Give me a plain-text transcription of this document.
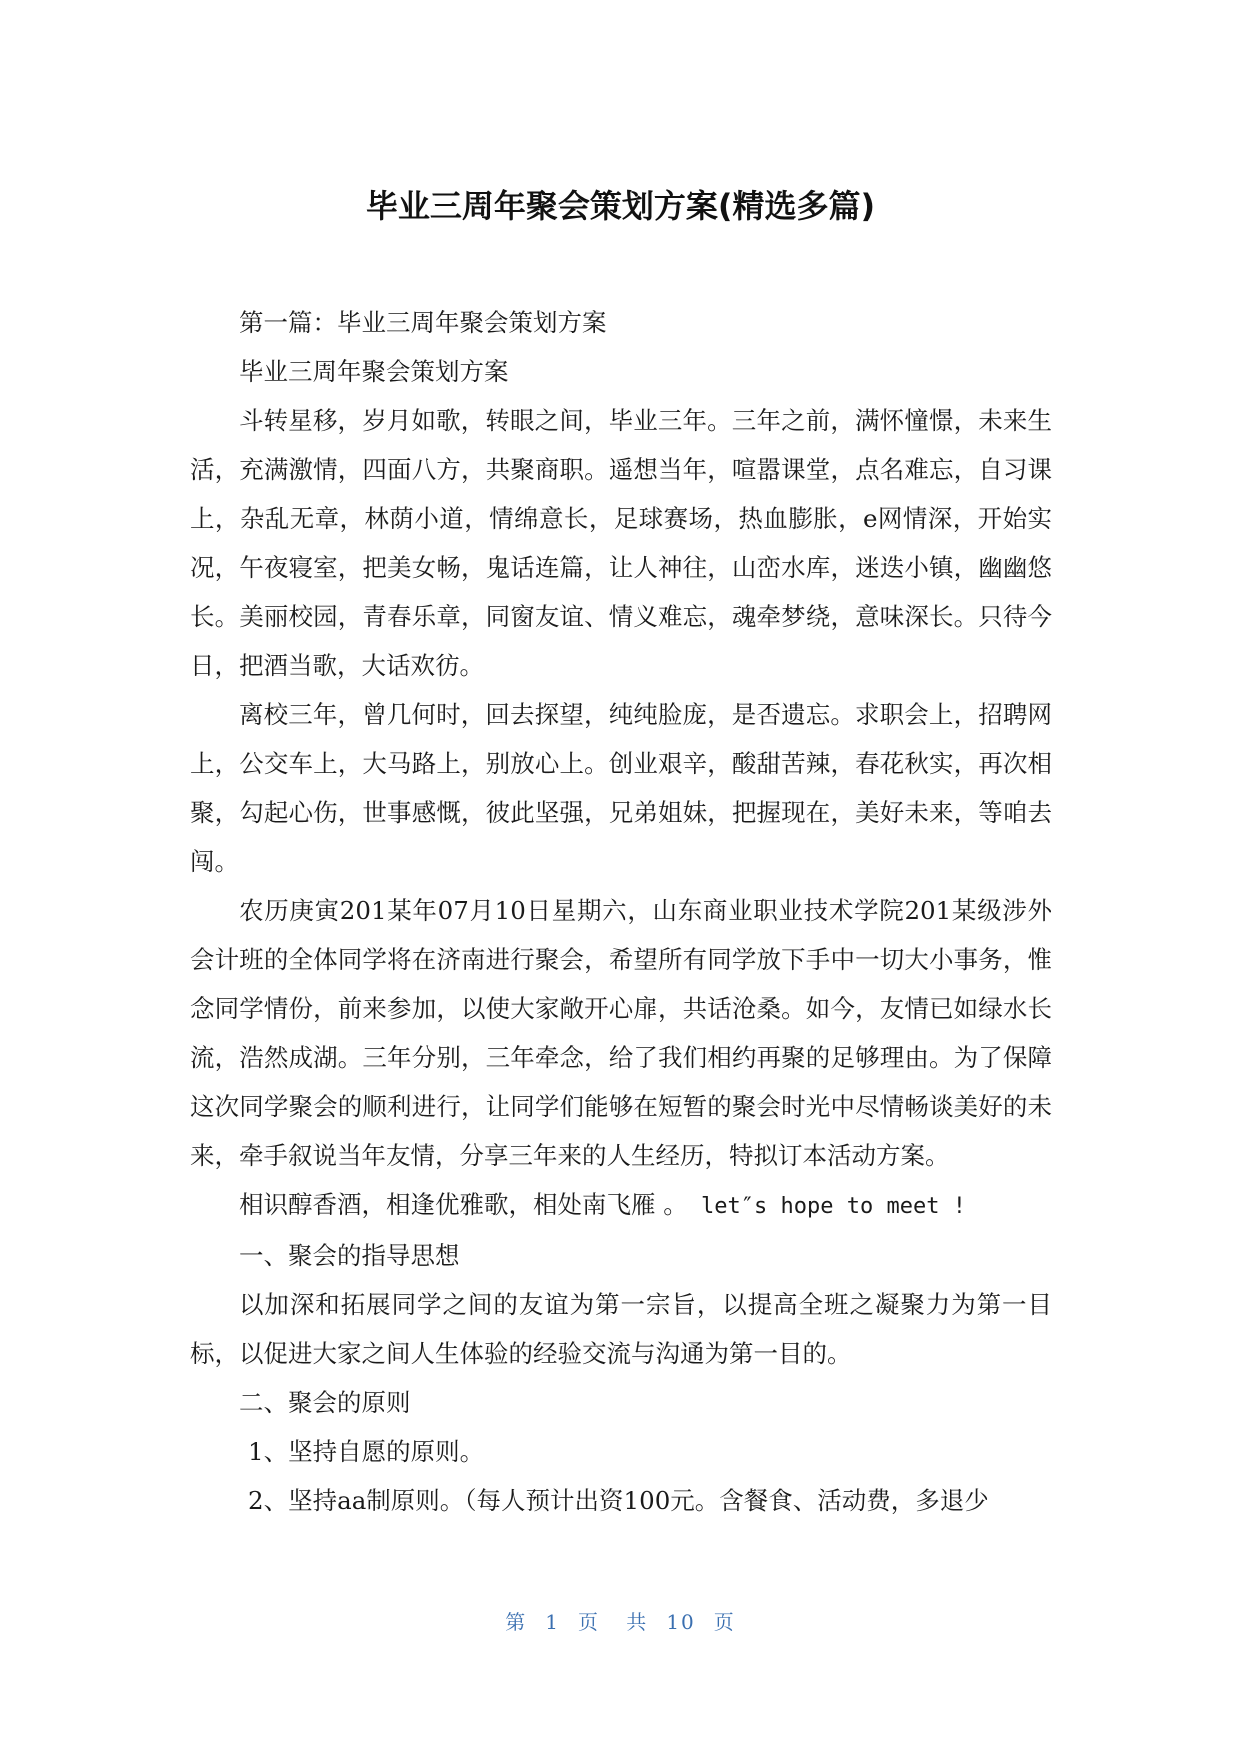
毕业三周年聚会策划方案(精选多篇)

第一篇：毕业三周年聚会策划方案

毕业三周年聚会策划方案

斗转星移，岁月如歌，转眼之间，毕业三年。三年之前，满怀憧憬，未来生活，充满激情，四面八方，共聚商职。遥想当年，喧嚣课堂，点名难忘，自习课上，杂乱无章，林荫小道，情绵意长，足球赛场，热血膨胀，e网情深，开始实况，午夜寝室，把美女畅，鬼话连篇，让人神往，山峦水库，迷迭小镇，幽幽悠长。美丽校园，青春乐章，同窗友谊、情义难忘，魂牵梦绕，意味深长。只待今日，把酒当歌，大话欢彷。

离校三年，曾几何时，回去探望，纯纯脸庞，是否遗忘。求职会上，招聘网上，公交车上，大马路上，别放心上。创业艰辛，酸甜苦辣，春花秋实，再次相聚，勾起心伤，世事感慨，彼此坚强，兄弟姐妹，把握现在，美好未来，等咱去闯。

农历庚寅201某年07月10日星期六，山东商业职业技术学院201某级涉外会计班的全体同学将在济南进行聚会，希望所有同学放下手中一切大小事务，惟念同学情份，前来参加，以使大家敞开心扉，共话沧桑。如今，友情已如绿水长流，浩然成湖。三年分别，三年牵念，给了我们相约再聚的足够理由。为了保障这次同学聚会的顺利进行，让同学们能够在短暂的聚会时光中尽情畅谈美好的未来，牵手叙说当年友情，分享三年来的人生经历，特拟订本活动方案。

相识醇香酒，相逢优雅歌，相处南飞雁 。 let″s hope to meet !

一、聚会的指导思想

以加深和拓展同学之间的友谊为第一宗旨，以提高全班之凝聚力为第一目标，以促进大家之间人生体验的经验交流与沟通为第一目的。

二、聚会的原则

1、坚持自愿的原则。

2、坚持aa制原则。（每人预计出资100元。含餐食、活动费，多退少

第 1 页 共 10 页
